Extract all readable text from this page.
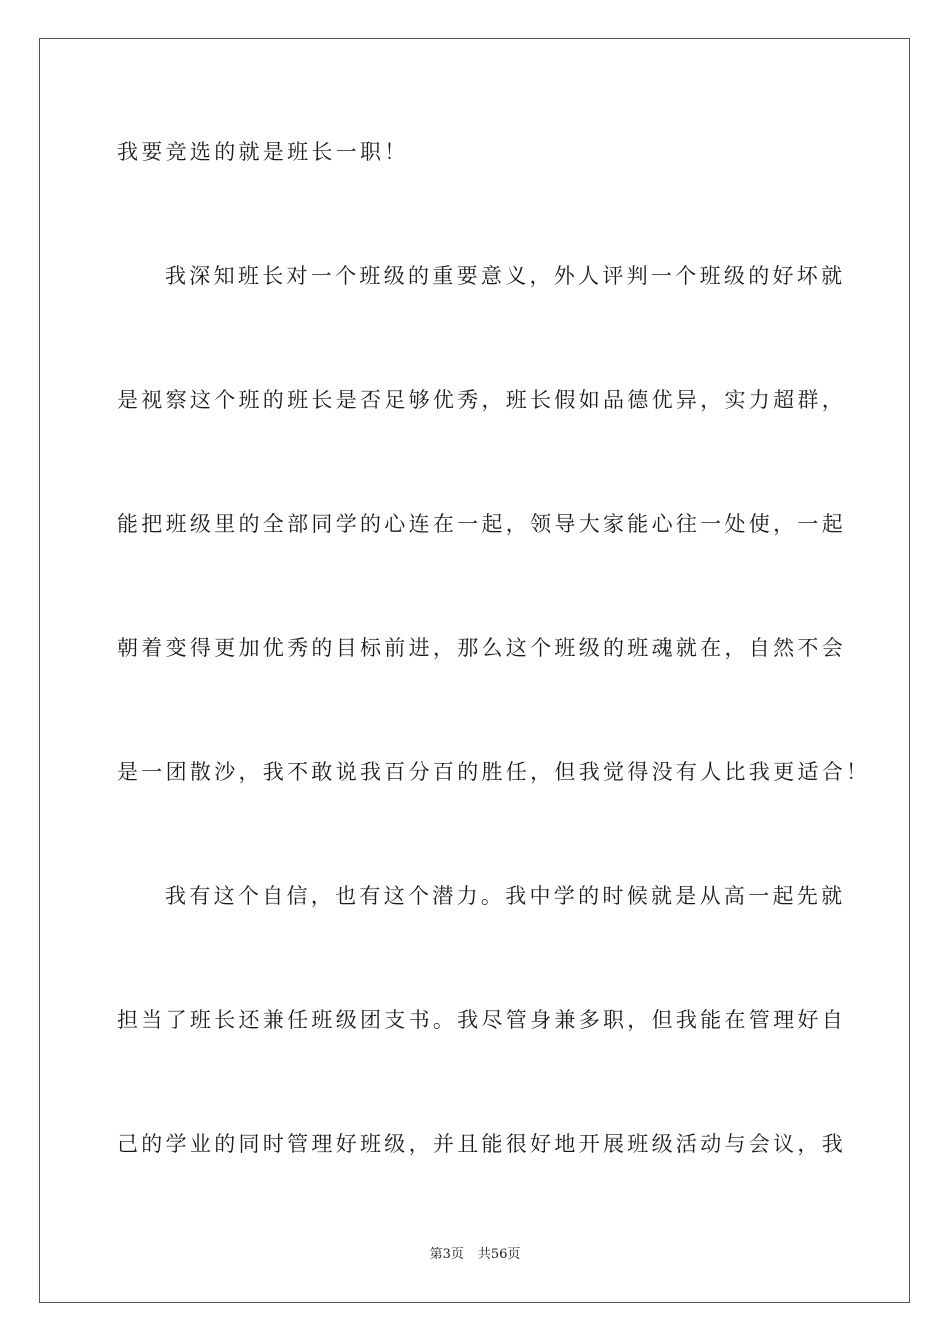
我要竞选的就是班长一职！
我深知班长对一个班级的重要意义，外人评判一个班级的好坏就
是视察这个班的班长是否足够优秀，班长假如品德优异，实力超群，
能把班级里的全部同学的心连在一起，领导大家能心往一处使，一起
朝着变得更加优秀的目标前进，那么这个班级的班魂就在，自然不会
是一团散沙，我不敢说我百分百的胜任，但我觉得没有人比我更适合！
我有这个自信，也有这个潜力。我中学的时候就是从高一起先就
担当了班长还兼任班级团支书。我尽管身兼多职，但我能在管理好自
己的学业的同时管理好班级，并且能很好地开展班级活动与会议，我
第3页 共56页
